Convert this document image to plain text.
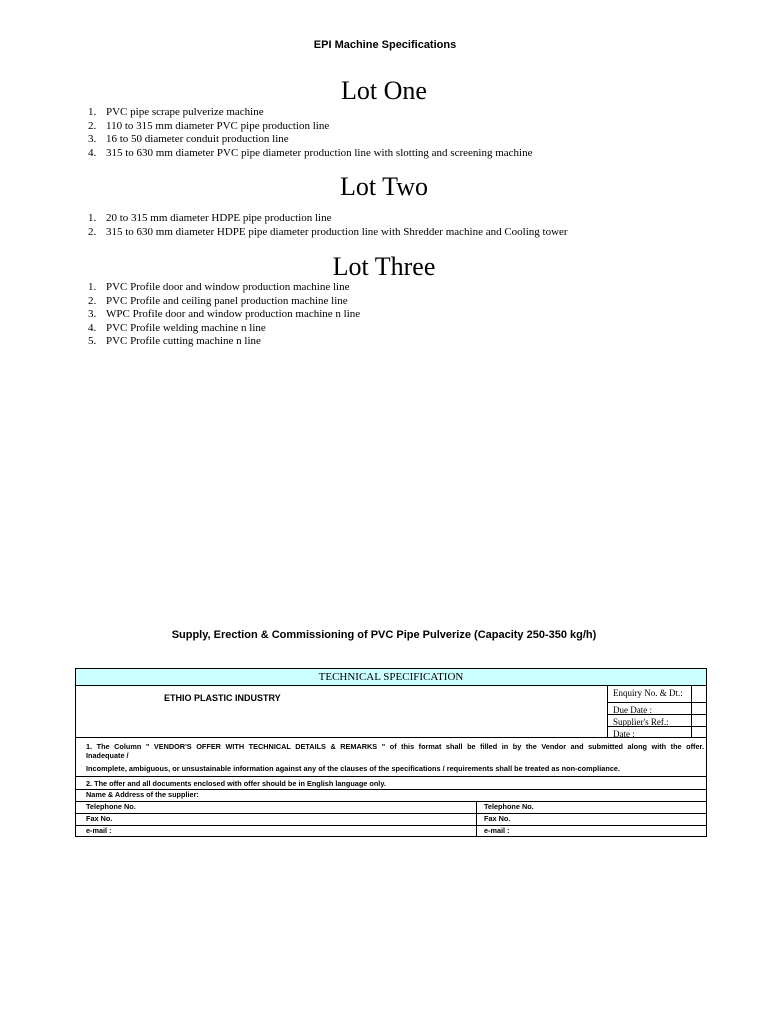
EPI Machine Specifications
Lot One
1. PVC pipe scrape pulverize machine
2. 110 to 315 mm diameter PVC pipe production line
3. 16 to 50 diameter conduit production line
4. 315 to 630 mm diameter PVC pipe diameter production line with slotting and screening machine
Lot Two
1. 20 to 315 mm diameter HDPE pipe production line
2. 315 to 630 mm diameter HDPE pipe diameter production line with Shredder machine and Cooling tower
Lot Three
1. PVC Profile door and window production machine line
2. PVC Profile and ceiling panel production machine line
3. WPC Profile door and window production machine n line
4. PVC Profile welding machine n line
5. PVC Profile cutting machine n line
Supply, Erection & Commissioning of PVC Pipe Pulverize (Capacity 250-350 kg/h)
TECHNICAL SPECIFICATION
ETHIO PLASTIC INDUSTRY	Enquiry No. & Dt.:
Due Date :
Supplier's Ref.:
Date :
1. The Column " VENDOR'S OFFER WITH TECHNICAL DETAILS & REMARKS " of this format shall be filled in by the Vendor and submitted along with the offer.
Inadequate /
Incomplete, ambiguous, or unsustainable information against any of the clauses of the specifications / requirements shall be treated as non-compliance.
2. The offer and all documents enclosed with offer should be in English language only.
Name & Address of the supplier:
Telephone No.
Fax No.
e-mail :
Telephone No.
Fax No.
e-mail :
